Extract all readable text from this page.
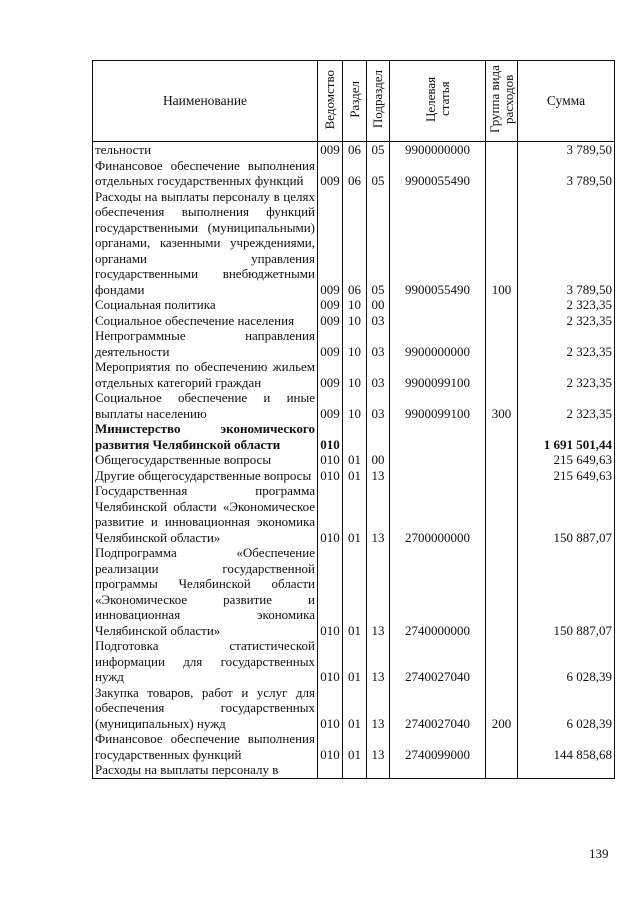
Наименование	Ведомство	Раздел	Подраздел	Целевая статья	Группа вида расходов	Сумма
тельности	009	06	05	9900000000		3 789,50
Финансовое обеспечение выполнения отдельных государственных функций	009	06	05	9900055490		3 789,50
Расходы на выплаты персоналу в целях обеспечения выполнения функций государственными (муниципальными) органами, казенными учреждениями, органами управления государственными внебюджетными фондами	009	06	05	9900055490	100	3 789,50
Социальная политика	009	10	00			2 323,35
Социальное обеспечение населения	009	10	03			2 323,35
Непрограммные направления деятельности	009	10	03	9900000000		2 323,35
Мероприятия по обеспечению жильем отдельных категорий граждан	009	10	03	9900099100		2 323,35
Социальное обеспечение и иные выплаты населению	009	10	03	9900099100	300	2 323,35
Министерство экономического развития Челябинской области	010					1 691 501,44
Общегосударственные вопросы	010	01	00			215 649,63
Другие общегосударственные вопросы	010	01	13			215 649,63
Государственная программа Челябинской области «Экономическое развитие и инновационная экономика Челябинской области»	010	01	13	2700000000		150 887,07
Подпрограмма «Обеспечение реализации государственной программы Челябинской области «Экономическое развитие и инновационная экономика Челябинской области»	010	01	13	2740000000		150 887,07
Подготовка статистической информации для государственных нужд	010	01	13	2740027040		6 028,39
Закупка товаров, работ и услуг для обеспечения государственных (муниципальных) нужд	010	01	13	2740027040	200	6 028,39
Финансовое обеспечение выполнения государственных функций	010	01	13	2740099000		144 858,68
Расходы на выплаты персоналу в						
139
